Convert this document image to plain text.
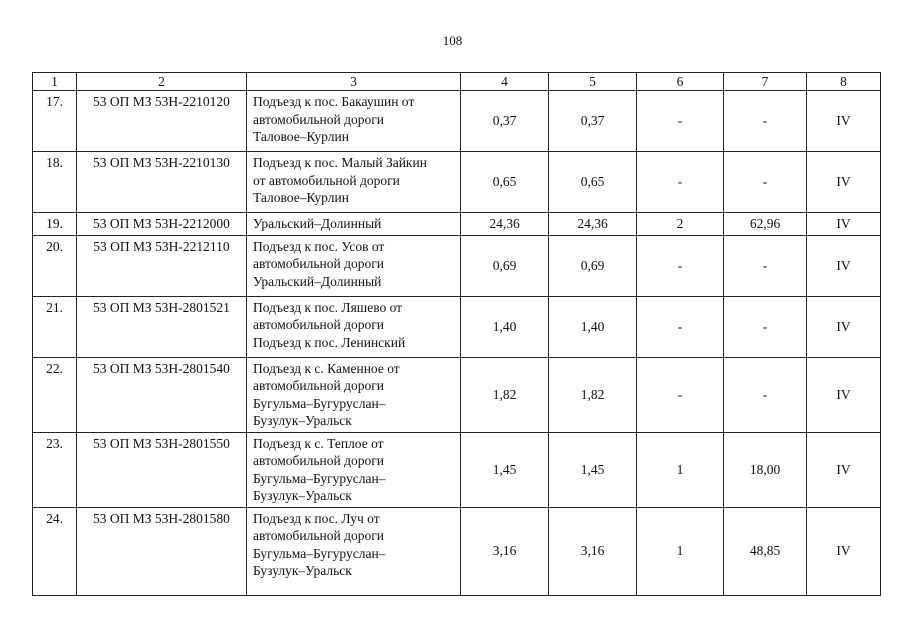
108
1	2	3	4	5	6	7	8
17.	53 ОП МЗ 53Н-2210120	Подъезд к пос. Бакаушин от
автомобильной дороги
Таловое–Курлин	0,37	0,37	-	-	IV
18.	53 ОП МЗ 53Н-2210130	Подъезд к пос. Малый Зайкин
от автомобильной дороги
Таловое–Курлин	0,65	0,65	-	-	IV
19.	53 ОП МЗ 53Н-2212000	Уральский–Долинный	24,36	24,36	2	62,96	IV
20.	53 ОП МЗ 53Н-2212110	Подъезд к пос. Усов от
автомобильной дороги
Уральский–Долинный	0,69	0,69	-	-	IV
21.	53 ОП МЗ 53Н-2801521	Подъезд к пос. Ляшево от
автомобильной дороги
Подъезд к пос. Ленинский	1,40	1,40	-	-	IV
22.	53 ОП МЗ 53Н-2801540	Подъезд к с. Каменное от
автомобильной дороги
Бугульма–Бугуруслан–
Бузулук–Уральск	1,82	1,82	-	-	IV
23.	53 ОП МЗ 53Н-2801550	Подъезд к с. Теплое от
автомобильной дороги
Бугульма–Бугуруслан–
Бузулук–Уральск	1,45	1,45	1	18,00	IV
24.	53 ОП МЗ 53Н-2801580	Подъезд к пос. Луч от
автомобильной дороги
Бугульма–Бугуруслан–
Бузулук–Уральск	3,16	3,16	1	48,85	IV
